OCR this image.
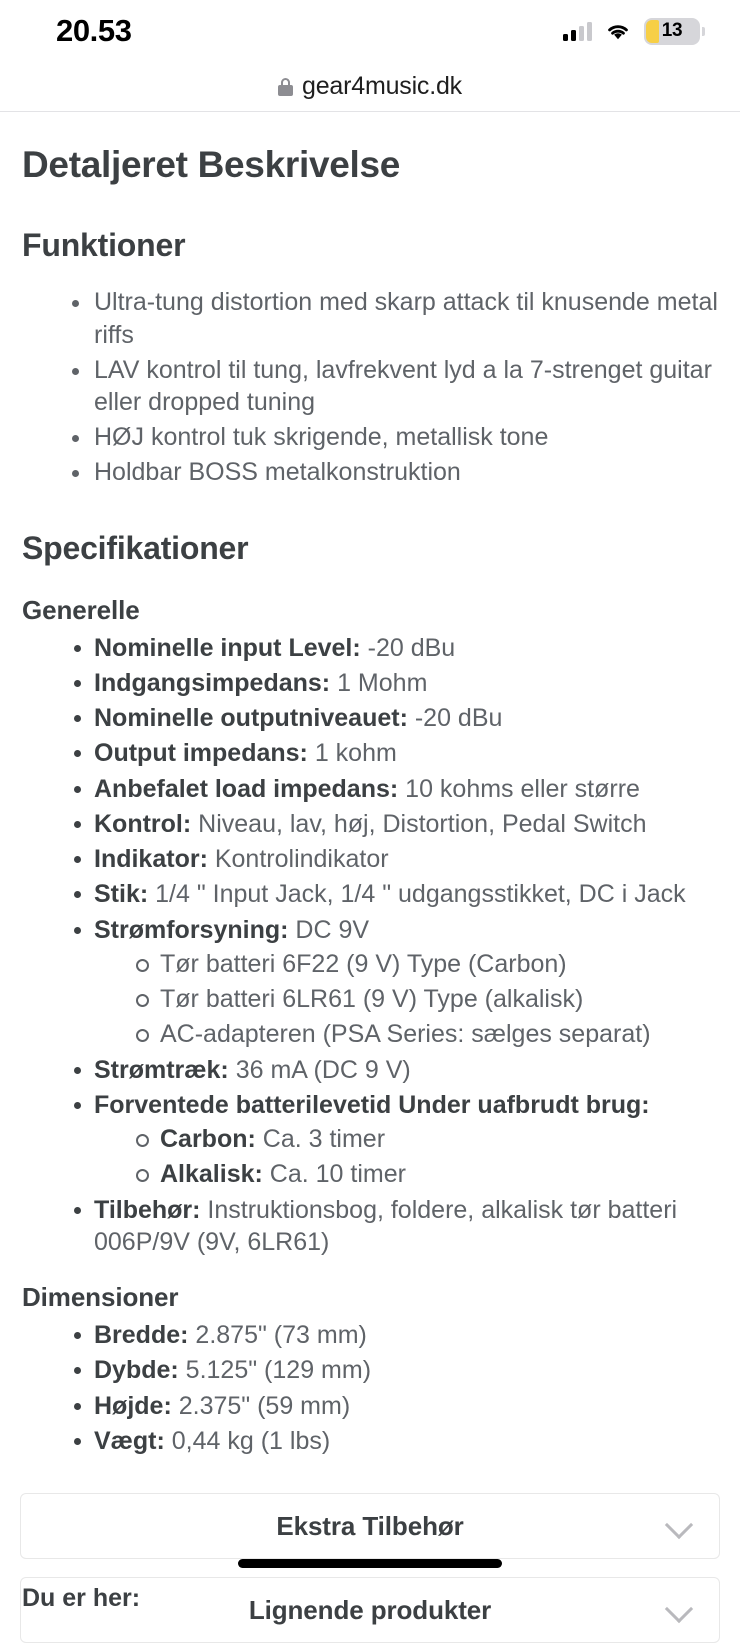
20.53	13
gear4music.dk
Detaljeret Beskrivelse
Funktioner
Ultra-tung distortion med skarp attack til knusende metal riffs
LAV kontrol til tung, lavfrekvent lyd a la 7-strenget guitar eller dropped tuning
HØJ kontrol tuk skrigende, metallisk tone
Holdbar BOSS metalkonstruktion
Specifikationer
Generelle
Nominelle input Level: -20 dBu
Indgangsimpedans: 1 Mohm
Nominelle outputniveauet: -20 dBu
Output impedans: 1 kohm
Anbefalet load impedans: 10 kohms eller større
Kontrol: Niveau, lav, høj, Distortion, Pedal Switch
Indikator: Kontrolindikator
Stik: 1/4 " Input Jack, 1/4 " udgangsstikket, DC i Jack
Strømforsyning: DC 9V
Tør batteri 6F22 (9 V) Type (Carbon)
Tør batteri 6LR61 (9 V) Type (alkalisk)
AC-adapteren (PSA Series: sælges separat)
Strømtræk: 36 mA (DC 9 V)
Forventede batterilevetid Under uafbrudt brug:
Carbon: Ca. 3 timer
Alkalisk: Ca. 10 timer
Tilbehør: Instruktionsbog, foldere, alkalisk tør batteri 006P/9V (9V, 6LR61)
Dimensioner
Bredde: 2.875" (73 mm)
Dybde: 5.125" (129 mm)
Højde: 2.375" (59 mm)
Vægt: 0,44 kg (1 lbs)
Ekstra Tilbehør
Lignende produkter
Du er her:
